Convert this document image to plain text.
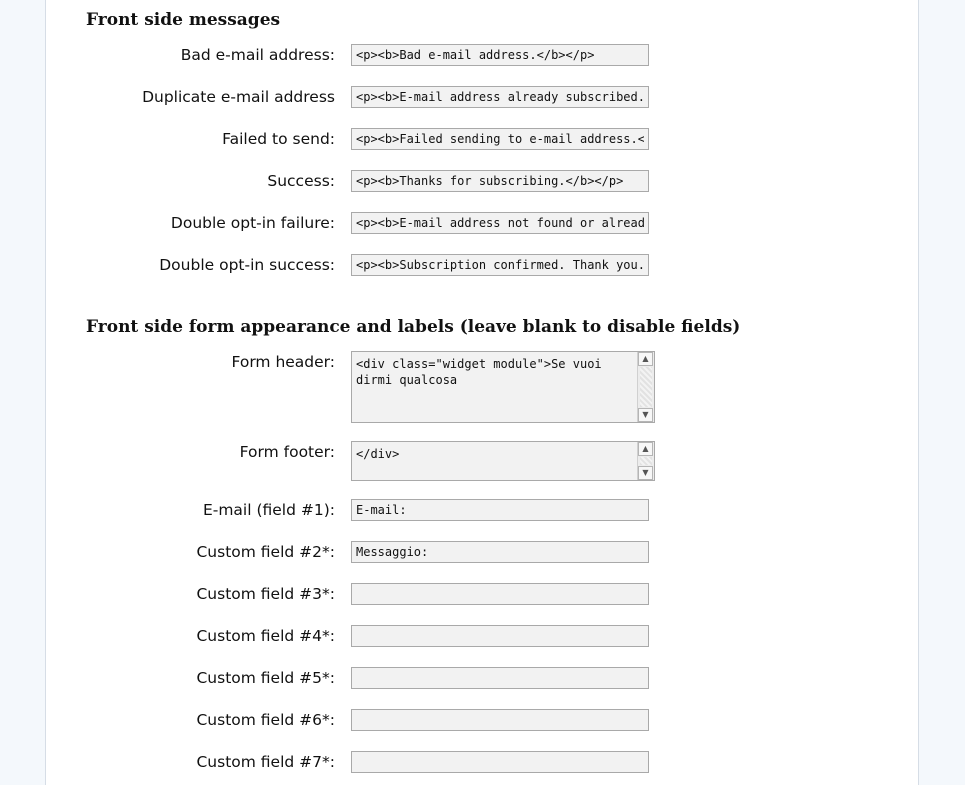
Front side messages
Bad e-mail address:
<p><b>Bad e-mail address.</b></p>
Duplicate e-mail address
<p><b>E-mail address already subscribed.</b></p>
Failed to send:
<p><b>Failed sending to e-mail address.</b></p>
Success:
<p><b>Thanks for subscribing.</b></p>
Double opt-in failure:
<p><b>E-mail address not found or already confirmed.</b></p>
Double opt-in success:
<p><b>Subscription confirmed. Thank you.</b></p>
Front side form appearance and labels (leave blank to disable fields)
Form header:
<div class="widget module">Se vuoi dirmi qualcosa	▲
▼
Form footer:
</div>	▲
▼
E-mail (field #1):
E-mail:
Custom field #2*:
Messaggio:
Custom field #3*:
Custom field #4*:
Custom field #5*:
Custom field #6*:
Custom field #7*:
